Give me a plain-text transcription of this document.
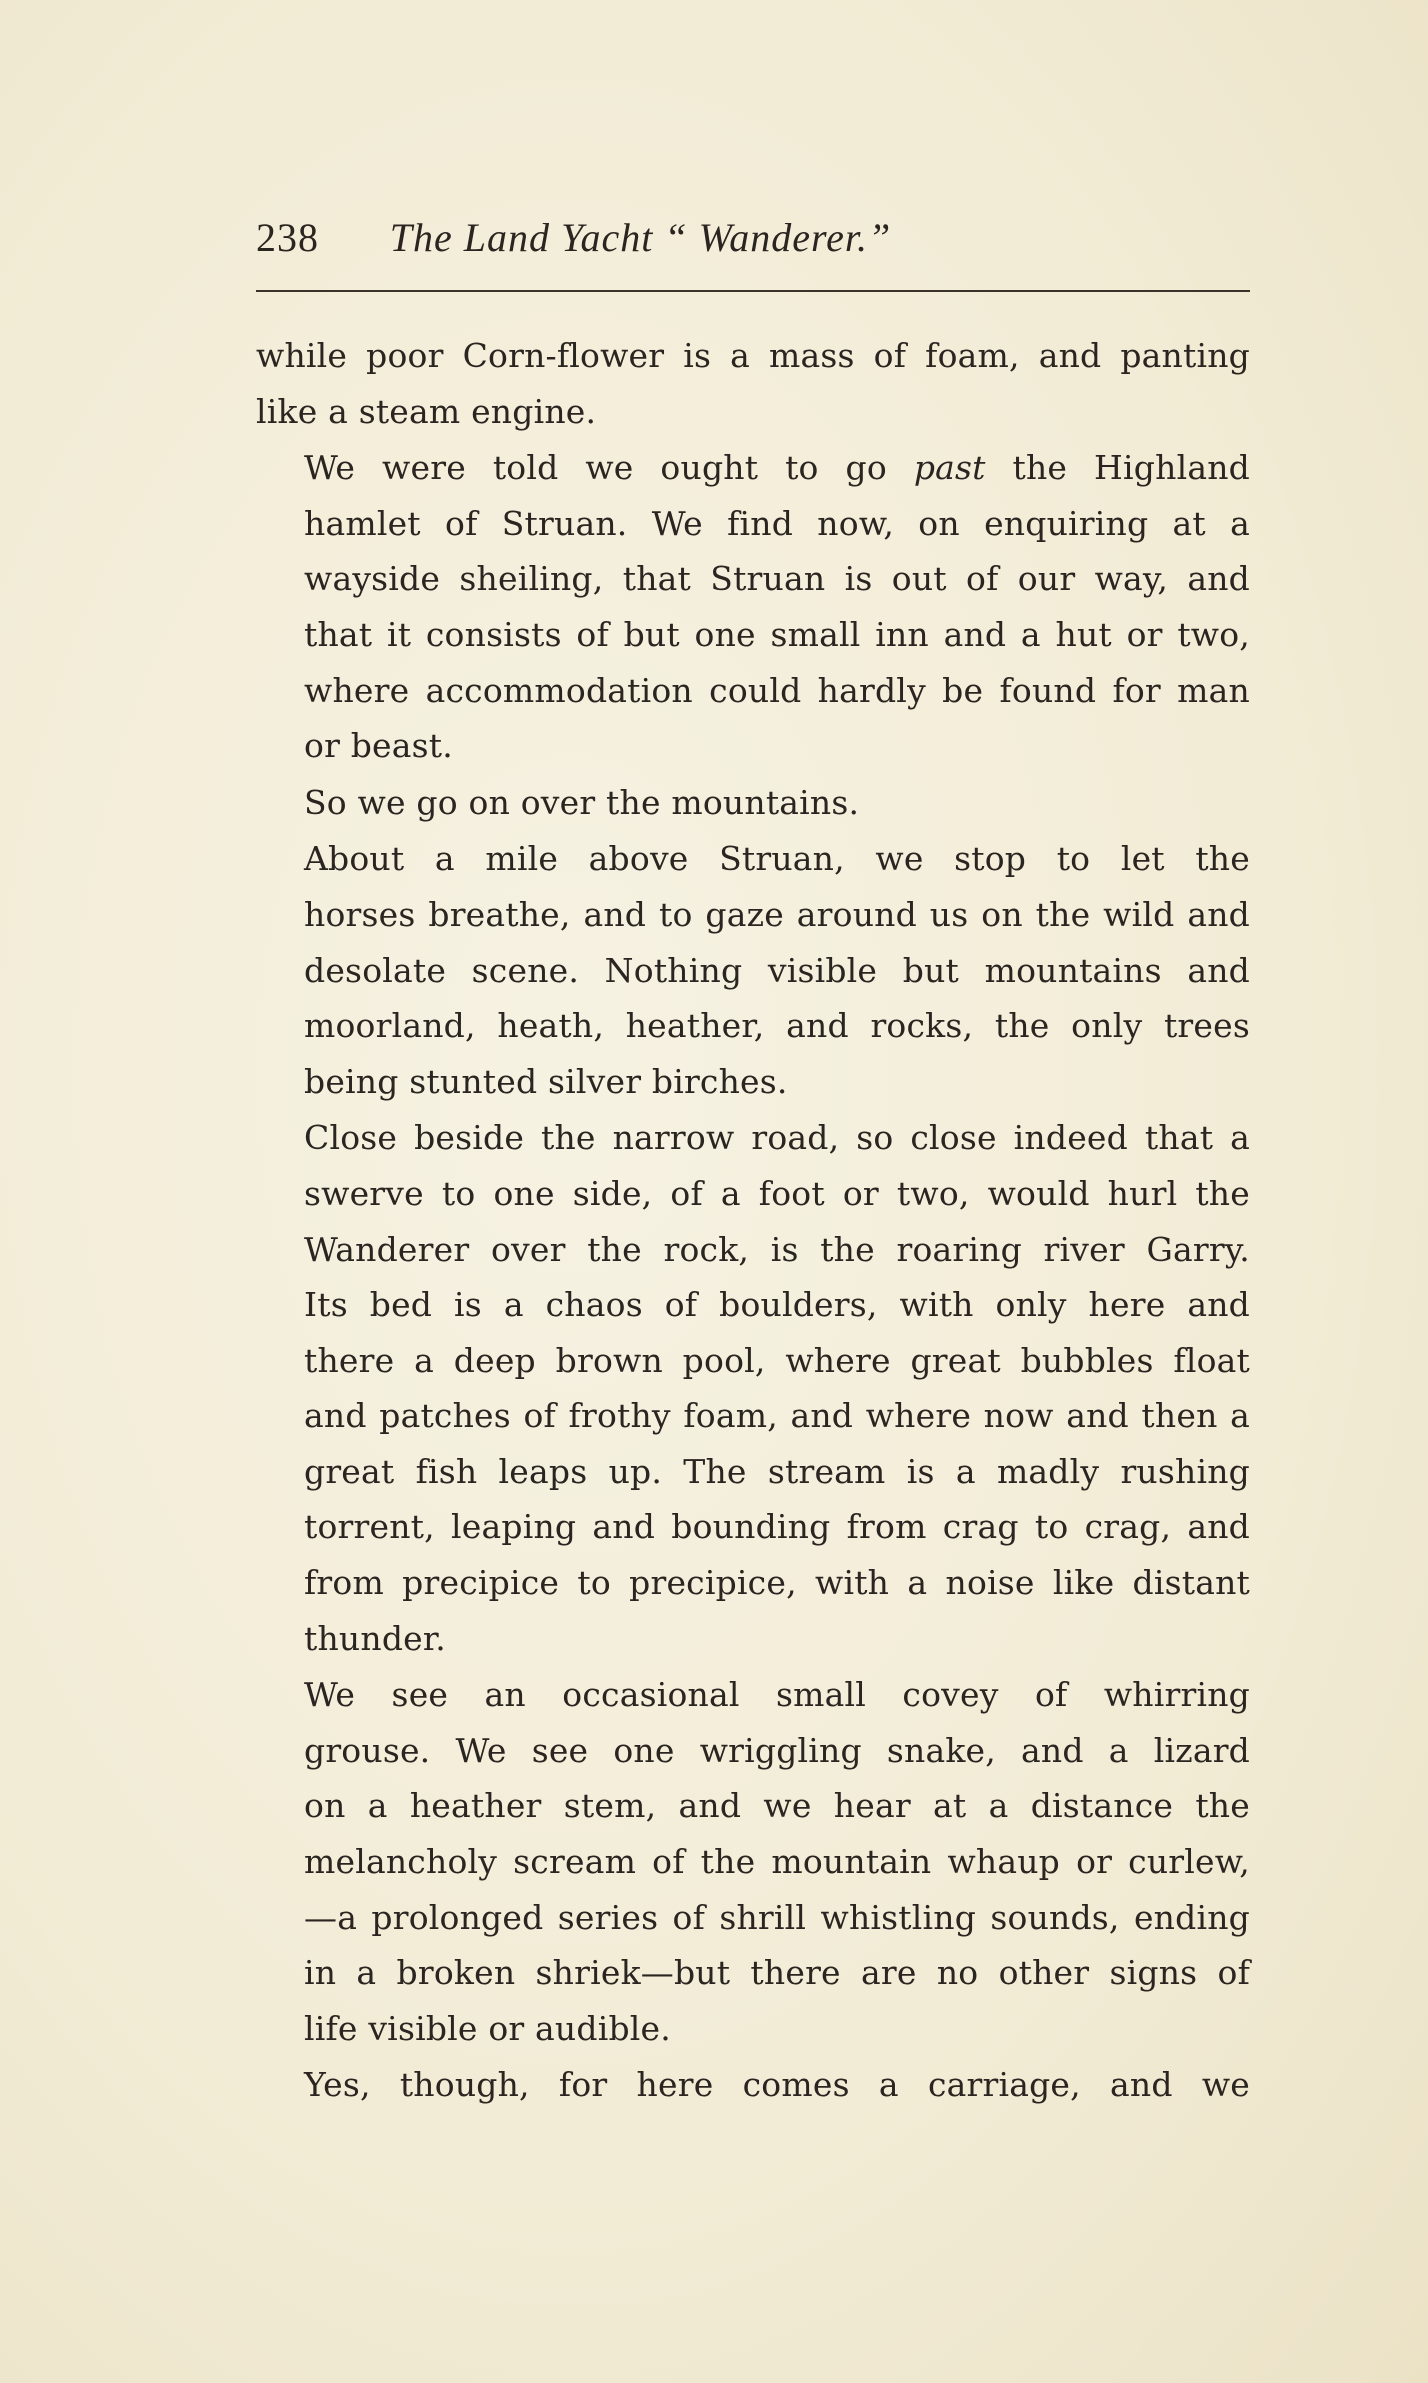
238 The Land Yacht “ Wanderer.”

while poor Corn-flower is a mass of foam, and panting
like a steam engine.

We were told we ought to go past the Highland
hamlet of Struan. We find now, on enquiring at a
wayside sheiling, that Struan is out of our way, and
that it consists of but one small inn and a hut or two,
where accommodation could hardly be found for man
or beast.

So we go on over the mountains.

About a mile above Struan, we stop to let the
horses breathe, and to gaze around us on the wild and
desolate scene. Nothing visible but mountains and
moorland, heath, heather, and rocks, the only trees
being stunted silver birches.

Close beside the narrow road, so close indeed that a
swerve to one side, of a foot or two, would hurl the
Wanderer over the rock, is the roaring river Garry.
Its bed is a chaos of boulders, with only here and
there a deep brown pool, where great bubbles float
and patches of frothy foam, and where now and then a
great fish leaps up. The stream is a madly rushing
torrent, leaping and bounding from crag to crag, and
from precipice to precipice, with a noise like distant
thunder.

We see an occasional small covey of whirring
grouse. We see one wriggling snake, and a lizard
on a heather stem, and we hear at a distance the
melancholy scream of the mountain whaup or curlew,
—a prolonged series of shrill whistling sounds, ending
in a broken shriek—but there are no other signs of
life visible or audible.

Yes, though, for here comes a carriage, and we
